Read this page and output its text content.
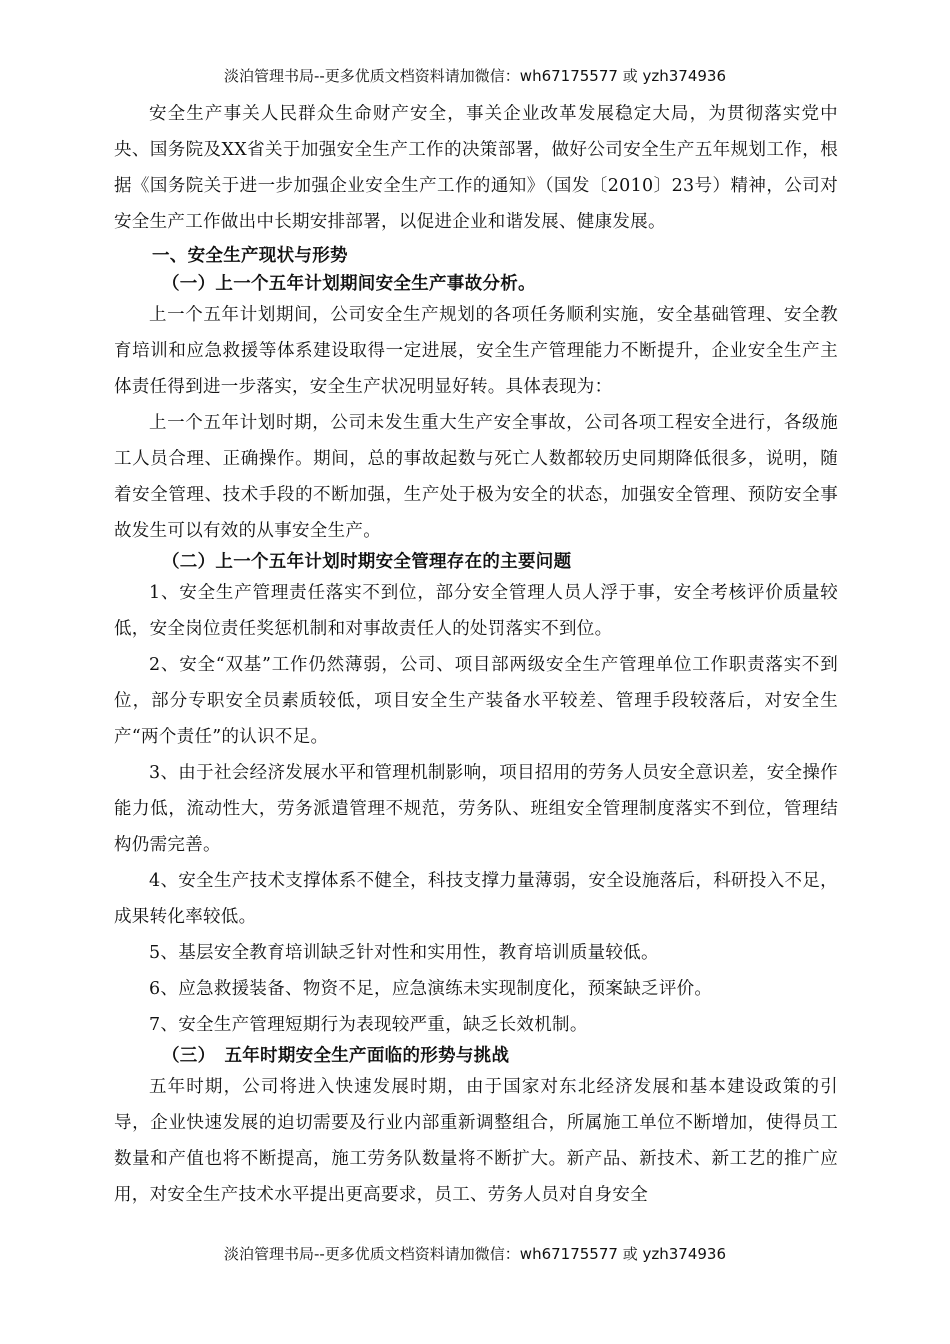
淡泊管理书局--更多优质文档资料请加微信：wh67175577 或 yzh374936

安全生产事关人民群众生命财产安全，事关企业改革发展稳定大局，为贯彻落实党中央、国务院及XX省关于加强安全生产工作的决策部署，做好公司安全生产五年规划工作，根据《国务院关于进一步加强企业安全生产工作的通知》（国发〔2010〕23号）精神，公司对安全生产工作做出中长期安排部署，以促进企业和谐发展、健康发展。

一、安全生产现状与形势

（一）上一个五年计划期间安全生产事故分析。

上一个五年计划期间，公司安全生产规划的各项任务顺利实施，安全基础管理、安全教育培训和应急救援等体系建设取得一定进展，安全生产管理能力不断提升，企业安全生产主体责任得到进一步落实，安全生产状况明显好转。具体表现为：

上一个五年计划时期，公司未发生重大生产安全事故，公司各项工程安全进行，各级施工人员合理、正确操作。期间，总的事故起数与死亡人数都较历史同期降低很多，说明，随着安全管理、技术手段的不断加强，生产处于极为安全的状态，加强安全管理、预防安全事故发生可以有效的从事安全生产。

（二）上一个五年计划时期安全管理存在的主要问题

1、安全生产管理责任落实不到位，部分安全管理人员人浮于事，安全考核评价质量较低，安全岗位责任奖惩机制和对事故责任人的处罚落实不到位。

2、安全“双基”工作仍然薄弱，公司、项目部两级安全生产管理单位工作职责落实不到位，部分专职安全员素质较低，项目安全生产装备水平较差、管理手段较落后，对安全生产“两个责任”的认识不足。

3、由于社会经济发展水平和管理机制影响，项目招用的劳务人员安全意识差，安全操作能力低，流动性大，劳务派遣管理不规范，劳务队、班组安全管理制度落实不到位，管理结构仍需完善。

4、安全生产技术支撑体系不健全，科技支撑力量薄弱，安全设施落后，科研投入不足，成果转化率较低。

5、基层安全教育培训缺乏针对性和实用性，教育培训质量较低。

6、应急救援装备、物资不足，应急演练未实现制度化，预案缺乏评价。

7、安全生产管理短期行为表现较严重，缺乏长效机制。

（三）　五年时期安全生产面临的形势与挑战

五年时期，公司将进入快速发展时期，由于国家对东北经济发展和基本建设政策的引导，企业快速发展的迫切需要及行业内部重新调整组合，所属施工单位不断增加，使得员工数量和产值也将不断提高，施工劳务队数量将不断扩大。新产品、新技术、新工艺的推广应用，对安全生产技术水平提出更高要求，员工、劳务人员对自身安全

淡泊管理书局--更多优质文档资料请加微信：wh67175577 或 yzh374936
